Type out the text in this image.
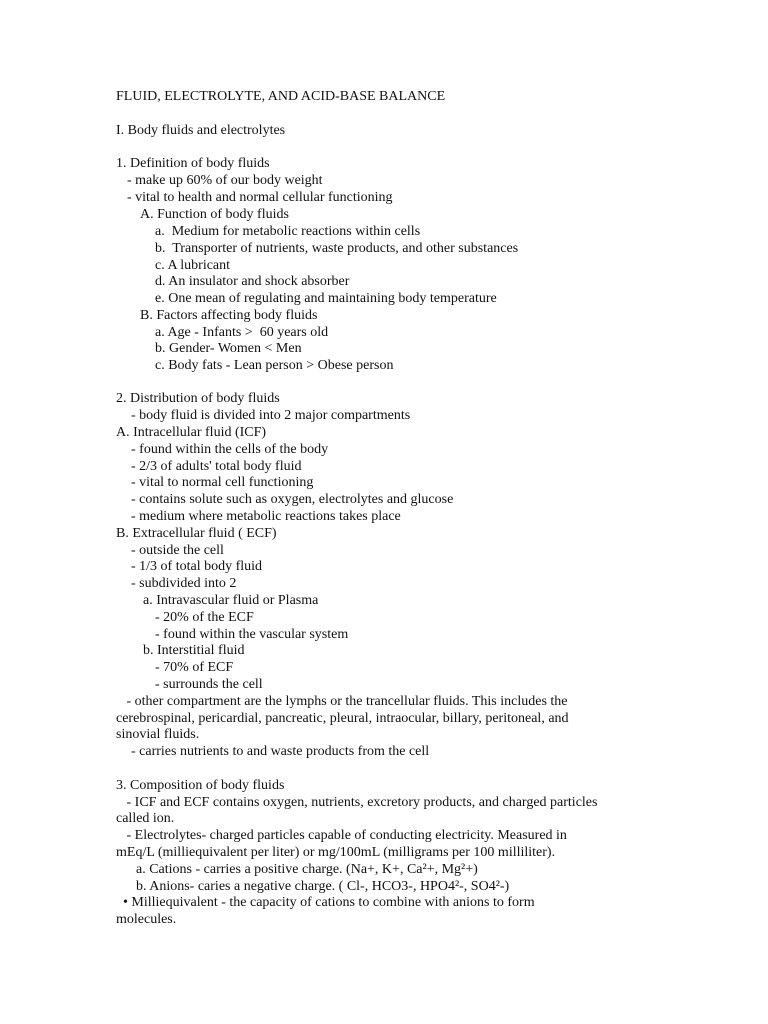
FLUID, ELECTROLYTE, AND ACID-BASE BALANCE
I. Body fluids and electrolytes
1. Definition of body fluids
- make up 60% of our body weight
- vital to health and normal cellular functioning
A. Function of body fluids
a.  Medium for metabolic reactions within cells
b.  Transporter of nutrients, waste products, and other substances
c. A lubricant
d. An insulator and shock absorber
e. One mean of regulating and maintaining body temperature
B. Factors affecting body fluids
a. Age - Infants >  60 years old
b. Gender- Women < Men
c. Body fats - Lean person > Obese person
2. Distribution of body fluids
- body fluid is divided into 2 major compartments
A. Intracellular fluid (ICF)
- found within the cells of the body
- 2/3 of adults' total body fluid
- vital to normal cell functioning
- contains solute such as oxygen, electrolytes and glucose
- medium where metabolic reactions takes place
B. Extracellular fluid ( ECF)
- outside the cell
- 1/3 of total body fluid
- subdivided into 2
a. Intravascular fluid or Plasma
- 20% of the ECF
- found within the vascular system
b. Interstitial fluid
- 70% of ECF
- surrounds the cell
- other compartment are the lymphs or the trancellular fluids. This includes the
cerebrospinal, pericardial, pancreatic, pleural, intraocular, billary, peritoneal, and
sinovial fluids.
- carries nutrients to and waste products from the cell
3. Composition of body fluids
- ICF and ECF contains oxygen, nutrients, excretory products, and charged particles
called ion.
- Electrolytes- charged particles capable of conducting electricity. Measured in
mEq/L (milliequivalent per liter) or mg/100mL (milligrams per 100 milliliter).
a. Cations - carries a positive charge. (Na+, K+, Ca²+, Mg²+)
b. Anions- caries a negative charge. ( Cl-, HCO3-, HPO4²-, SO4²-)
• Milliequivalent - the capacity of cations to combine with anions to form
molecules.
